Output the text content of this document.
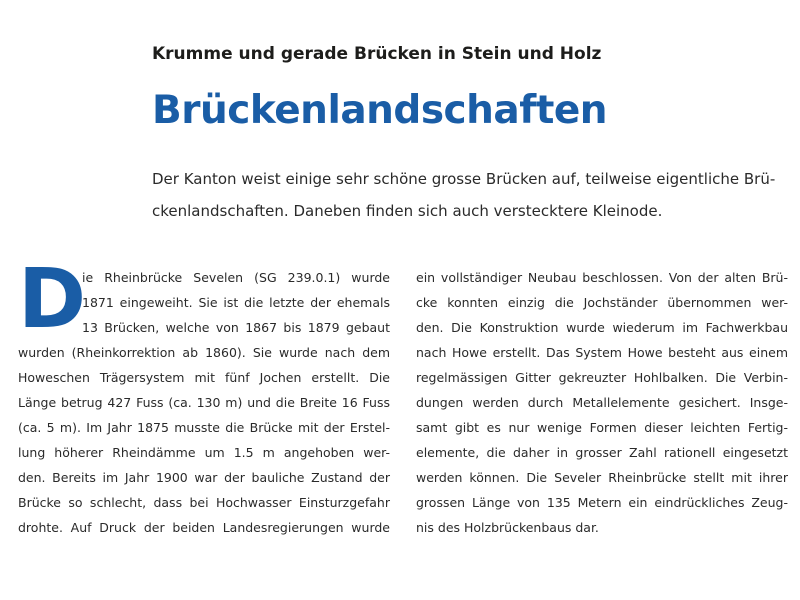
Krumme und gerade Brücken in Stein und Holz
Brückenlandschaften

Der Kanton weist einige sehr schöne grosse Brücken auf, teilweise eigentliche Brü-
ckenlandschaften. Daneben finden sich auch verstecktere Kleinode.

D
ie Rheinbrücke Sevelen (SG 239.0.1) wurde
1871 eingeweiht. Sie ist die letzte der ehemals
13 Brücken, welche von 1867 bis 1879 gebaut
wurden (Rheinkorrektion ab 1860). Sie wurde nach dem
Howeschen Trägersystem mit fünf Jochen erstellt. Die
Länge betrug 427 Fuss (ca. 130 m) und die Breite 16 Fuss
(ca. 5 m). Im Jahr 1875 musste die Brücke mit der Erstel-
lung höherer Rheindämme um 1.5 m angehoben wer-
den. Bereits im Jahr 1900 war der bauliche Zustand der
Brücke so schlecht, dass bei Hochwasser Einsturzgefahr
drohte. Auf Druck der beiden Landesregierungen wurde
ein vollständiger Neubau beschlossen. Von der alten Brü-
cke konnten einzig die Jochständer übernommen wer-
den. Die Konstruktion wurde wiederum im Fachwerkbau
nach Howe erstellt. Das System Howe besteht aus einem
regelmässigen Gitter gekreuzter Hohlbalken. Die Verbin-
dungen werden durch Metallelemente gesichert. Insge-
samt gibt es nur wenige Formen dieser leichten Fertig-
elemente, die daher in grosser Zahl rationell eingesetzt
werden können. Die Seveler Rheinbrücke stellt mit ihrer
grossen Länge von 135 Metern ein eindrückliches Zeug-
nis des Holzbrückenbaus dar.
